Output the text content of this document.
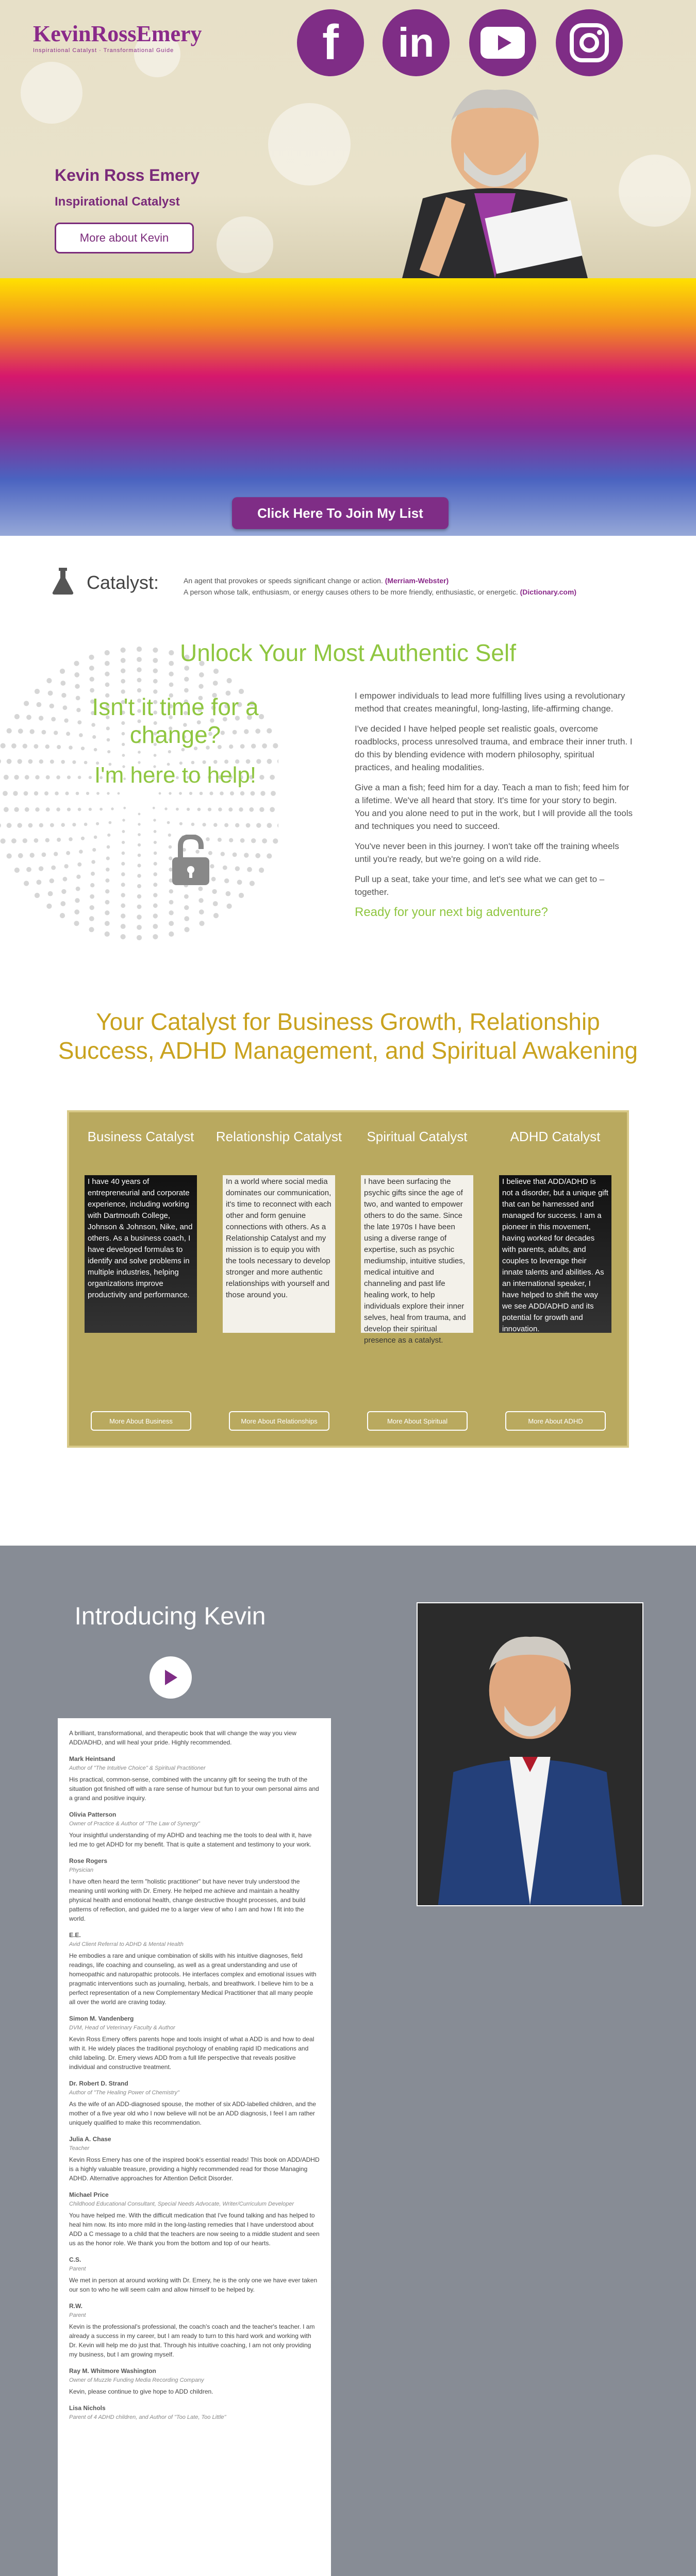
KevinRossEmery
Inspirational Catalyst · Transformational Guide	f in
Kevin Ross Emery
Inspirational Catalyst
More about Kevin
Click Here To Join My List
Catalyst:	An agent that provokes or speeds significant change or action. (Merriam-Webster)
A person whose talk, enthusiasm, or energy causes others to be more friendly, enthusiastic, or energetic. (Dictionary.com)
Unlock Your Most Authentic Self
Isn't it time for a change?
I'm here to help!

I empower individuals to lead more fulfilling lives using a revolutionary method that creates meaningful, long-lasting, life-affirming change.

I've decided I have helped people set realistic goals, overcome roadblocks, process unresolved trauma, and embrace their inner truth. I do this by blending evidence with modern philosophy, spiritual practices, and healing modalities.

Give a man a fish; feed him for a day. Teach a man to fish; feed him for a lifetime. We've all heard that story. It's time for your story to begin. You and you alone need to put in the work, but I will provide all the tools and techniques you need to succeed.

You've never been in this journey. I won't take off the training wheels until you're ready, but we're going on a wild ride.

Pull up a seat, take your time, and let's see what we can get to – together.

Ready for your next big adventure?
Your Catalyst for Business Growth, Relationship Success, ADHD Management, and Spiritual Awakening
Business Catalyst
I have 40 years of entrepreneurial and corporate experience, including working with Dartmouth College, Johnson & Johnson, Nike, and others. As a business coach, I have developed formulas to identify and solve problems in multiple industries, helping organizations improve productivity and performance.
More About Business
Relationship Catalyst
In a world where social media dominates our communication, it's time to reconnect with each other and form genuine connections with others. As a Relationship Catalyst and my mission is to equip you with the tools necessary to develop stronger and more authentic relationships with yourself and those around you.
More About Relationships
Spiritual Catalyst
I have been surfacing the psychic gifts since the age of two, and wanted to empower others to do the same. Since the late 1970s I have been using a diverse range of expertise, such as psychic mediumship, intuitive studies, medical intuitive and channeling and past life healing work, to help individuals explore their inner selves, heal from trauma, and develop their spiritual presence as a catalyst.
More About Spiritual
ADHD Catalyst
I believe that ADD/ADHD is not a disorder, but a unique gift that can be harnessed and managed for success. I am a pioneer in this movement, having worked for decades with parents, adults, and couples to leverage their innate talents and abilities. As an international speaker, I have helped to shift the way we see ADD/ADHD and its potential for growth and innovation.
More About ADHD
Introducing Kevin

A brilliant, transformational, and therapeutic book that will change the way you view ADD/ADHD, and will heal your pride. Highly recommended.

Mark Heintsand
Author of "The Intuitive Choice" & Spiritual Practitioner

His practical, common-sense, combined with the uncanny gift for seeing the truth of the situation got finished off with a rare sense of humour but fun to your own personal aims and a grand and positive inquiry.

Olivia Patterson
Owner of Practice & Author of "The Law of Synergy"

Your insightful understanding of my ADHD and teaching me the tools to deal with it, have led me to get ADHD for my benefit. That is quite a statement and testimony to your work.

Rose Rogers
Physician

I have often heard the term "holistic practitioner" but have never truly understood the meaning until working with Dr. Emery. He helped me achieve and maintain a healthy physical health and emotional health, change destructive thought processes, and build patterns of reflection, and guided me to a larger view of who I am and how I fit into the world.

E.E.
Avid Client Referral to ADHD & Mental Health

He embodies a rare and unique combination of skills with his intuitive diagnoses, field readings, life coaching and counseling, as well as a great understanding and use of homeopathic and naturopathic protocols. He interfaces complex and emotional issues with pragmatic interventions such as journaling, herbals, and breathwork. I believe him to be a perfect representation of a new Complementary Medical Practitioner that all many people all over the world are craving today.

Simon M. Vandenberg
DVM, Head of Veterinary Faculty & Author

Kevin Ross Emery offers parents hope and tools insight of what a ADD is and how to deal with it. He widely places the traditional psychology of enabling rapid ID medications and child labeling. Dr. Emery views ADD from a full life perspective that reveals positive individual and constructive treatment.

Dr. Robert D. Strand
Author of "The Healing Power of Chemistry"

As the wife of an ADD-diagnosed spouse, the mother of six ADD-labelled children, and the mother of a five year old who I now believe will not be an ADD diagnosis, I feel I am rather uniquely qualified to make this recommendation.

Julia A. Chase
Teacher

Kevin Ross Emery has one of the inspired book's essential reads! This book on ADD/ADHD is a highly valuable treasure, providing a highly recommended read for those Managing ADHD. Alternative approaches for Attention Deficit Disorder.

Michael Price
Childhood Educational Consultant, Special Needs Advocate, Writer/Curriculum Developer

You have helped me. With the difficult medication that I've found talking and has helped to heal him now. Its into more mild in the long-lasting remedies that I have understood about ADD a C message to a child that the teachers are now seeing to a middle student and seen us as the honor role. We thank you from the bottom and top of our hearts.

C.S.
Parent

We met in person at around working with Dr. Emery, he is the only one we have ever taken our son to who he will seem calm and allow himself to be helped by.

R.W.
Parent

Kevin is the professional's professional, the coach's coach and the teacher's teacher. I am already a success in my career, but I am ready to turn to this hard work and working with Dr. Kevin will help me do just that. Through his intuitive coaching, I am not only providing my business, but I am growing myself.

Ray M. Whitmore Washington
Owner of Muzzle Funding Media Recording Company

Kevin, please continue to give hope to ADD children.

Lisa Nichols
Parent of 4 ADHD children, and Author of "Too Late, Too Little"
